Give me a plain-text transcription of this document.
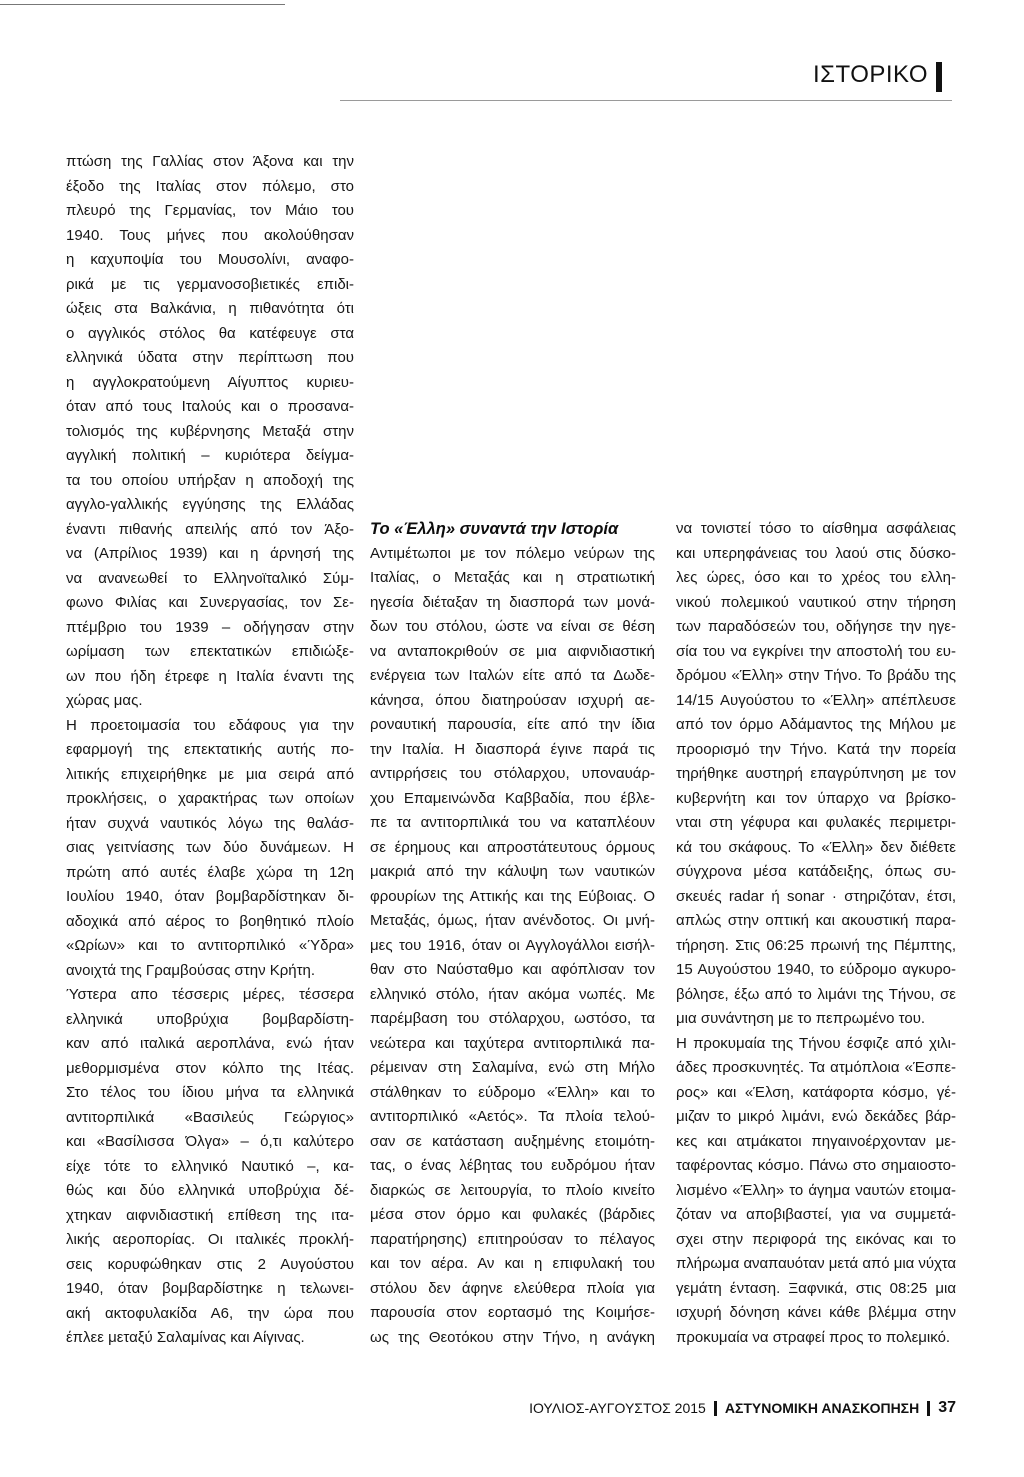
ΙΣΤΟΡΙΚΟ
πτώση της Γαλλίας στον Άξονα και την
έξοδο της Ιταλίας στον πόλεμο, στο
πλευρό της Γερμανίας, τον Μάιο του
1940. Τους μήνες που ακολούθησαν
η καχυποψία του Μουσολίνι, αναφο-
ρικά με τις γερμανοσοβιετικές επιδι-
ώξεις στα Βαλκάνια, η πιθανότητα ότι
ο αγγλικός στόλος θα κατέφευγε στα
ελληνικά ύδατα στην περίπτωση που
η αγγλοκρατούμενη Αίγυπτος κυριευ-
όταν από τους Ιταλούς και ο προσανα-
τολισμός της κυβέρνησης Μεταξά στην
αγγλική πολιτική – κυριότερα δείγμα-
τα του οποίου υπήρξαν η αποδοχή της
αγγλο-γαλλικής εγγύησης της Ελλάδας
έναντι πιθανής απειλής από τον Άξο-
να (Απρίλιος 1939) και η άρνησή της
να ανανεωθεί το Ελληνοϊταλικό Σύμ-
φωνο Φιλίας και Συνεργασίας, τον Σε-
πτέμβριο του 1939 – οδήγησαν στην
ωρίμαση των επεκτατικών επιδιώξε-
ων που ήδη έτρεφε η Ιταλία έναντι της
χώρας μας.
Η προετοιμασία του εδάφους για την
εφαρμογή της επεκτατικής αυτής πο-
λιτικής επιχειρήθηκε με μια σειρά από
προκλήσεις, ο χαρακτήρας των οποίων
ήταν συχνά ναυτικός λόγω της θαλάσ-
σιας γειτνίασης των δύο δυνάμεων. Η
πρώτη από αυτές έλαβε χώρα τη 12η
Ιουλίου 1940, όταν βομβαρδίστηκαν δι-
αδοχικά από αέρος το βοηθητικό πλοίο
«Ωρίων» και το αντιτορπιλικό «Ύδρα»
ανοιχτά της Γραμβούσας στην Κρήτη.
Ύστερα απο τέσσερις μέρες, τέσσερα
ελληνικά υποβρύχια βομβαρδίστη-
καν από ιταλικά αεροπλάνα, ενώ ήταν
μεθορμισμένα στον κόλπο της Ιτέας.
Στο τέλος του ίδιου μήνα τα ελληνικά
αντιτορπιλικά «Βασιλεύς Γεώργιος»
και «Βασίλισσα Όλγα» – ό,τι καλύτερο
είχε τότε το ελληνικό Ναυτικό –, κα-
θώς και δύο ελληνικά υποβρύχια δέ-
χτηκαν αιφνιδιαστική επίθεση της ιτα-
λικής αεροπορίας. Οι ιταλικές προκλή-
σεις κορυφώθηκαν στις 2 Αυγούστου
1940, όταν βομβαρδίστηκε η τελωνει-
ακή ακτοφυλακίδα Α6, την ώρα που
έπλεε μεταξύ Σαλαμίνας και Αίγινας.
Το «Έλλη» συναντά την Ιστορία
Αντιμέτωποι με τον πόλεμο νεύρων της
Ιταλίας, ο Μεταξάς και η στρατιωτική
ηγεσία διέταξαν τη διασπορά των μονά-
δων του στόλου, ώστε να είναι σε θέση
να ανταποκριθούν σε μια αιφνιδιαστική
ενέργεια των Ιταλών είτε από τα Δωδε-
κάνησα, όπου διατηρούσαν ισχυρή αε-
ροναυτική παρουσία, είτε από την ίδια
την Ιταλία. Η διασπορά έγινε παρά τις
αντιρρήσεις του στόλαρχου, υποναυάρ-
χου Επαμεινώνδα Καββαδία, που έβλε-
πε τα αντιτορπιλικά του να καταπλέουν
σε έρημους και απροστάτευτους όρμους
μακριά από την κάλυψη των ναυτικών
φρουρίων της Αττικής και της Εύβοιας. Ο
Μεταξάς, όμως, ήταν ανένδοτος. Οι μνή-
μες του 1916, όταν οι Αγγλογάλλοι εισήλ-
θαν στο Ναύσταθμο και αφόπλισαν τον
ελληνικό στόλο, ήταν ακόμα νωπές. Με
παρέμβαση του στόλαρχου, ωστόσο, τα
νεώτερα και ταχύτερα αντιτορπιλικά πα-
ρέμειναν στη Σαλαμίνα, ενώ στη Μήλο
στάλθηκαν το εύδρομο «Έλλη» και το
αντιτορπιλικό «Αετός». Τα πλοία τελού-
σαν σε κατάσταση αυξημένης ετοιμότη-
τας, ο ένας λέβητας του ευδρόμου ήταν
διαρκώς σε λειτουργία, το πλοίο κινείτο
μέσα στον όρμο και φυλακές (βάρδιες
παρατήρησης) επιτηρούσαν το πέλαγος
και τον αέρα. Αν και η επιφυλακή του
στόλου δεν άφηνε ελεύθερα πλοία για
παρουσία στον εορτασμό της Κοιμήσε-
ως της Θεοτόκου στην Τήνο, η ανάγκη
να τονιστεί τόσο το αίσθημα ασφάλειας
και υπερηφάνειας του λαού στις δύσκο-
λες ώρες, όσο και το χρέος του ελλη-
νικού πολεμικού ναυτικού στην τήρηση
των παραδόσεών του, οδήγησε την ηγε-
σία του να εγκρίνει την αποστολή του ευ-
δρόμου «Έλλη» στην Τήνο. Το βράδυ της
14/15 Αυγούστου το «Έλλη» απέπλευσε
από τον όρμο Αδάμαντος της Μήλου με
προορισμό την Τήνο. Κατά την πορεία
τηρήθηκε αυστηρή επαγρύπνηση με τον
κυβερνήτη και τον ύπαρχο να βρίσκο-
νται στη γέφυρα και φυλακές περιμετρι-
κά του σκάφους. Το «Έλλη» δεν διέθετε
σύγχρονα μέσα κατάδειξης, όπως συ-
σκευές radar ή sonar · στηριζόταν, έτσι,
απλώς στην οπτική και ακουστική παρα-
τήρηση. Στις 06:25 πρωινή της Πέμπτης,
15 Αυγούστου 1940, το εύδρομο αγκυρο-
βόλησε, έξω από το λιμάνι της Τήνου, σε
μια συνάντηση με το πεπρωμένο του.
Η προκυμαία της Τήνου έσφιζε από χιλι-
άδες προσκυνητές. Τα ατμόπλοια «Έσπε-
ρος» και «Έλση, κατάφορτα κόσμο, γέ-
μιζαν το μικρό λιμάνι, ενώ δεκάδες βάρ-
κες και ατμάκατοι πηγαινοέρχονταν με-
ταφέροντας κόσμο. Πάνω στο σημαιοστο-
λισμένο «Έλλη» το άγημα ναυτών ετοιμα-
ζόταν να αποβιβαστεί, για να συμμετά-
σχει στην περιφορά της εικόνας και το
πλήρωμα αναπαυόταν μετά από μια νύχτα
γεμάτη ένταση. Ξαφνικά, στις 08:25 μια
ισχυρή δόνηση κάνει κάθε βλέμμα στην
προκυμαία να στραφεί προς το πολεμικό.
ΙΟΥΛΙΟΣ-ΑΥΓΟΥΣΤΟΣ 2015 ΑΣΤΥΝΟΜΙΚΗ ΑΝΑΣΚΟΠΗΣΗ 37
